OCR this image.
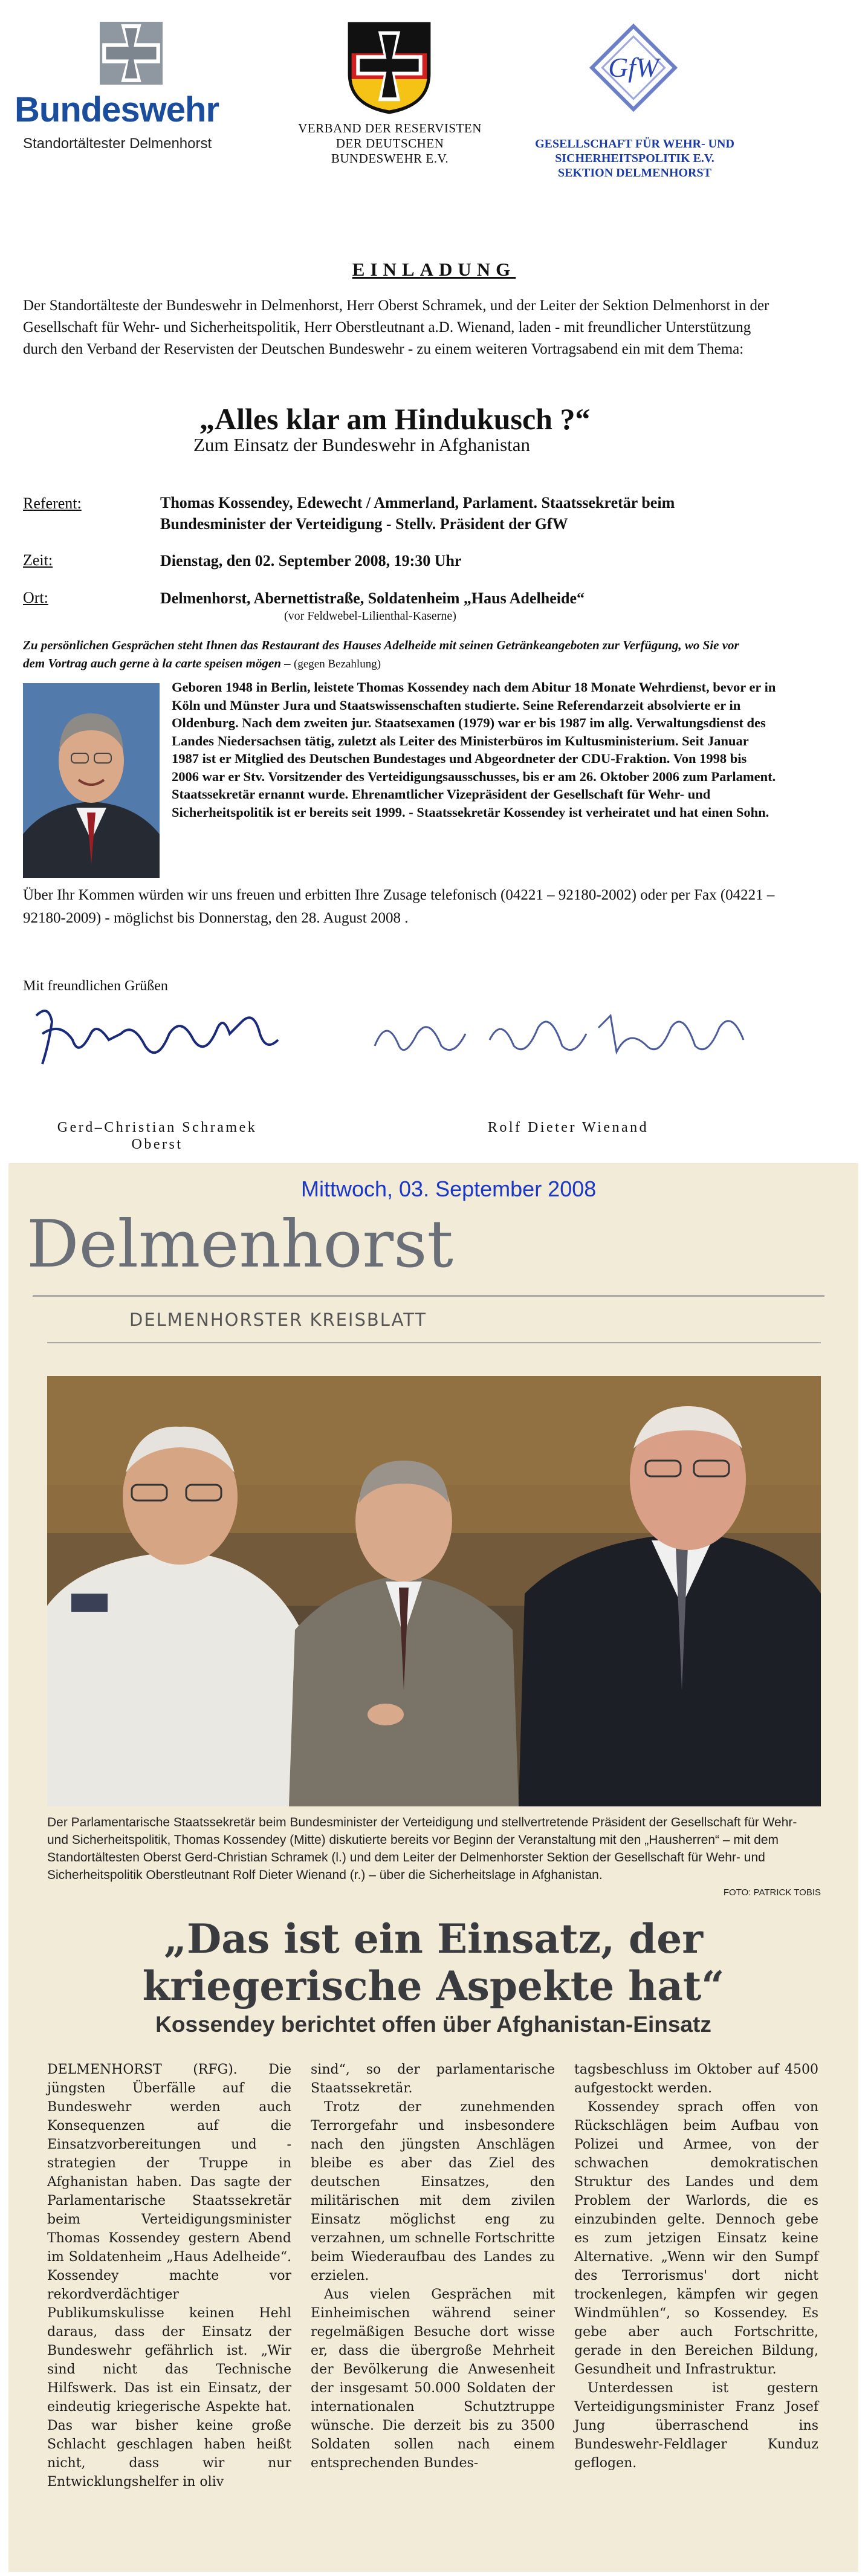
Bundeswehr
Standortältester Delmenhorst
VERBAND DER RESERVISTEN
DER DEUTSCHEN
BUNDESWEHR E.V.
GfW
GESELLSCHAFT FÜR WEHR- UND
SICHERHEITSPOLITIK E.V.
SEKTION DELMENHORST
EINLADUNG
Der Standortälteste der Bundeswehr in Delmenhorst, Herr Oberst Schramek, und der Leiter der Sektion Delmenhorst in der Gesellschaft für Wehr- und Sicherheitspolitik, Herr Oberstleutnant a.D. Wienand, laden - mit freundlicher Unterstützung durch den Verband der Reservisten der Deutschen Bundeswehr - zu einem weiteren Vortragsabend ein mit dem Thema:
„Alles klar am Hindukusch ?“
Zum Einsatz der Bundeswehr in Afghanistan
Referent:	Thomas Kossendey, Edewecht / Ammerland, Parlament. Staatssekretär beim Bundesminister der Verteidigung - Stellv. Präsident der GfW
Zeit:	Dienstag, den 02. September 2008, 19:30 Uhr
Ort:	Delmenhorst, Abernettistraße, Soldatenheim „Haus Adelheide“
(vor Feldwebel-Lilienthal-Kaserne)
Zu persönlichen Gesprächen steht Ihnen das Restaurant des Hauses Adelheide mit seinen Getränkeangeboten zur Verfügung, wo Sie vor dem Vortrag auch gerne à la carte speisen mögen – (gegen Bezahlung)
Geboren 1948 in Berlin, leistete Thomas Kossendey nach dem Abitur 18 Monate Wehrdienst, bevor er in Köln und Münster Jura und Staatswissenschaften studierte. Seine Referendarzeit absolvierte er in Oldenburg. Nach dem zweiten jur. Staatsexamen (1979) war er bis 1987 im allg. Verwaltungsdienst des Landes Niedersachsen tätig, zuletzt als Leiter des Ministerbüros im Kultusministerium. Seit Januar 1987 ist er Mitglied des Deutschen Bundestages und Abgeordneter der CDU-Fraktion. Von 1998 bis 2006 war er Stv. Vorsitzender des Verteidigungsausschusses, bis er am 26. Oktober 2006 zum Parlament. Staatssekretär ernannt wurde. Ehrenamtlicher Vizepräsident der Gesellschaft für Wehr- und Sicherheitspolitik ist er bereits seit 1999. - Staatssekretär Kossendey ist verheiratet und hat einen Sohn.
Über Ihr Kommen würden wir uns freuen und erbitten Ihre Zusage telefonisch (04221 – 92180-2002) oder per Fax (04221 – 92180-2009) - möglichst bis Donnerstag, den 28. August 2008 .
Mit freundlichen Grüßen
Gerd–Christian Schramek
Oberst
Rolf Dieter Wienand
Mittwoch, 03. September 2008
Delmenhorst
DELMENHORSTER KREISBLATT
Der Parlamentarische Staatssekretär beim Bundesminister der Verteidigung und stellvertretende Präsident der Gesellschaft für Wehr- und Sicherheitspolitik, Thomas Kossendey (Mitte) diskutierte bereits vor Beginn der Veranstaltung mit den „Hausherren“ – mit dem Standortältesten Oberst Gerd-Christian Schramek (l.) und dem Leiter der Delmenhorster Sektion der Gesellschaft für Wehr- und Sicherheitspolitik Oberstleutnant Rolf Dieter Wienand (r.) – über die Sicherheitslage in Afghanistan.
FOTO: PATRICK TOBIS
„Das ist ein Einsatz, der
kriegerische Aspekte hat“
Kossendey berichtet offen über Afghanistan-Einsatz

DELMENHORST (RFG). Die jüngsten Überfälle auf die Bundeswehr werden auch Konsequenzen auf die Einsatzvorbereitungen und -strategien der Truppe in Afghanistan haben. Das sagte der Parlamentarische Staatssekretär beim Verteidigungsminister Thomas Kossendey gestern Abend im Soldatenheim „Haus Adelheide“. Kossendey machte vor rekordverdächtiger Publikumskulisse keinen Hehl daraus, dass der Einsatz der Bundeswehr gefährlich ist. „Wir sind nicht das Technische Hilfswerk. Das ist ein Einsatz, der eindeutig kriegerische Aspekte hat. Das war bisher keine große Schlacht geschlagen haben heißt nicht, dass wir nur Entwicklungshelfer in oliv

sind“, so der parlamentarische Staatssekretär.

Trotz der zunehmenden Terrorgefahr und insbesondere nach den jüngsten Anschlägen bleibe es aber das Ziel des deutschen Einsatzes, den militärischen mit dem zivilen Einsatz möglichst eng zu verzahnen, um schnelle Fortschritte beim Wiederaufbau des Landes zu erzielen.

Aus vielen Gesprächen mit Einheimischen während seiner regelmäßigen Besuche dort wisse er, dass die übergroße Mehrheit der Bevölkerung die Anwesenheit der insgesamt 50.000 Soldaten der internationalen Schutztruppe wünsche. Die derzeit bis zu 3500 Soldaten sollen nach einem entsprechenden Bundes-

tagsbeschluss im Oktober auf 4500 aufgestockt werden.

Kossendey sprach offen von Rückschlägen beim Aufbau von Polizei und Armee, von der schwachen demokratischen Struktur des Landes und dem Problem der Warlords, die es einzubinden gelte. Dennoch gebe es zum jetzigen Einsatz keine Alternative. „Wenn wir den Sumpf des Terrorismus' dort nicht trockenlegen, kämpfen wir gegen Windmühlen“, so Kossendey. Es gebe aber auch Fortschritte, gerade in den Bereichen Bildung, Gesundheit und Infrastruktur.

Unterdessen ist gestern Verteidigungsminister Franz Josef Jung überraschend ins Bundeswehr-Feldlager Kunduz geflogen.
